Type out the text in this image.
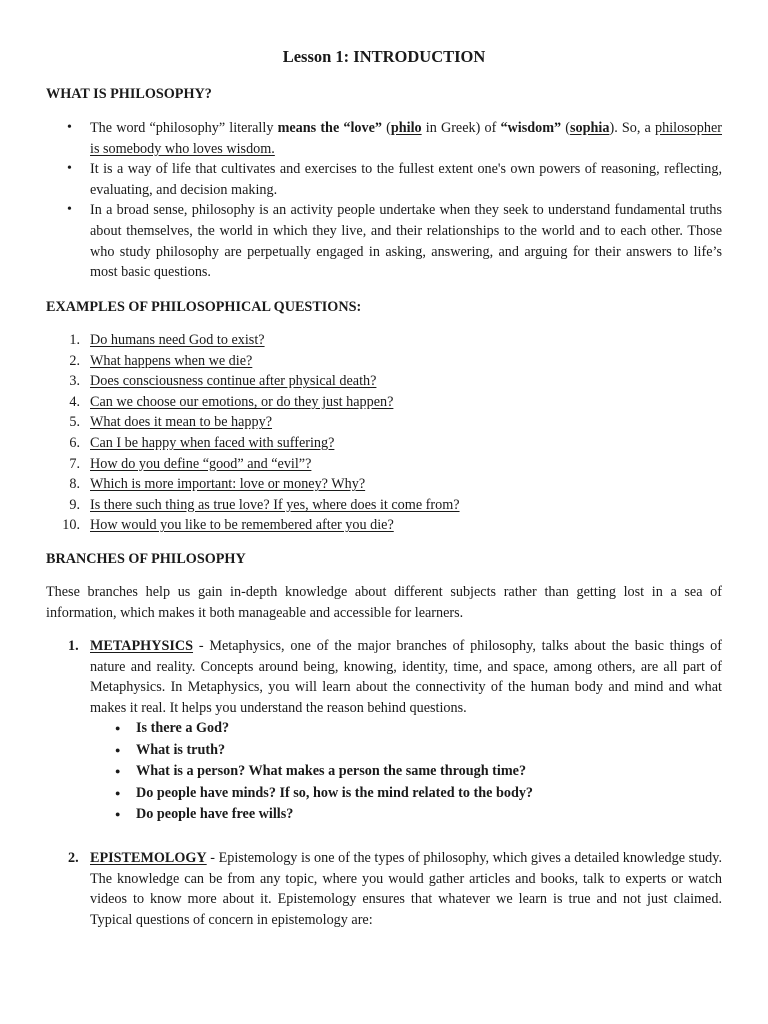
Lesson 1: INTRODUCTION
WHAT IS PHILOSOPHY?
• The word “philosophy” literally means the “love” (philo in Greek) of “wisdom” (sophia). So, a philosopher is somebody who loves wisdom.
• It is a way of life that cultivates and exercises to the fullest extent one's own powers of reasoning, reflecting, evaluating, and decision making.
• In a broad sense, philosophy is an activity people undertake when they seek to understand fundamental truths about themselves, the world in which they live, and their relationships to the world and to each other. Those who study philosophy are perpetually engaged in asking, answering, and arguing for their answers to life’s most basic questions.
EXAMPLES OF PHILOSOPHICAL QUESTIONS:
1. Do humans need God to exist?
2. What happens when we die?
3. Does consciousness continue after physical death?
4. Can we choose our emotions, or do they just happen?
5. What does it mean to be happy?
6. Can I be happy when faced with suffering?
7. How do you define “good” and “evil”?
8. Which is more important: love or money? Why?
9. Is there such thing as true love? If yes, where does it come from?
10. How would you like to be remembered after you die?
BRANCHES OF PHILOSOPHY
These branches help us gain in-depth knowledge about different subjects rather than getting lost in a sea of information, which makes it both manageable and accessible for learners.
1. METAPHYSICS - Metaphysics, one of the major branches of philosophy, talks about the basic things of nature and reality. Concepts around being, knowing, identity, time, and space, among others, are all part of Metaphysics. In Metaphysics, you will learn about the connectivity of the human body and mind and what makes it real. It helps you understand the reason behind questions.
● Is there a God?
● What is truth?
● What is a person? What makes a person the same through time?
● Do people have minds? If so, how is the mind related to the body?
● Do people have free wills?
2. EPISTEMOLOGY - Epistemology is one of the types of philosophy, which gives a detailed knowledge study. The knowledge can be from any topic, where you would gather articles and books, talk to experts or watch videos to know more about it. Epistemology ensures that whatever we learn is true and not just claimed. Typical questions of concern in epistemology are:
